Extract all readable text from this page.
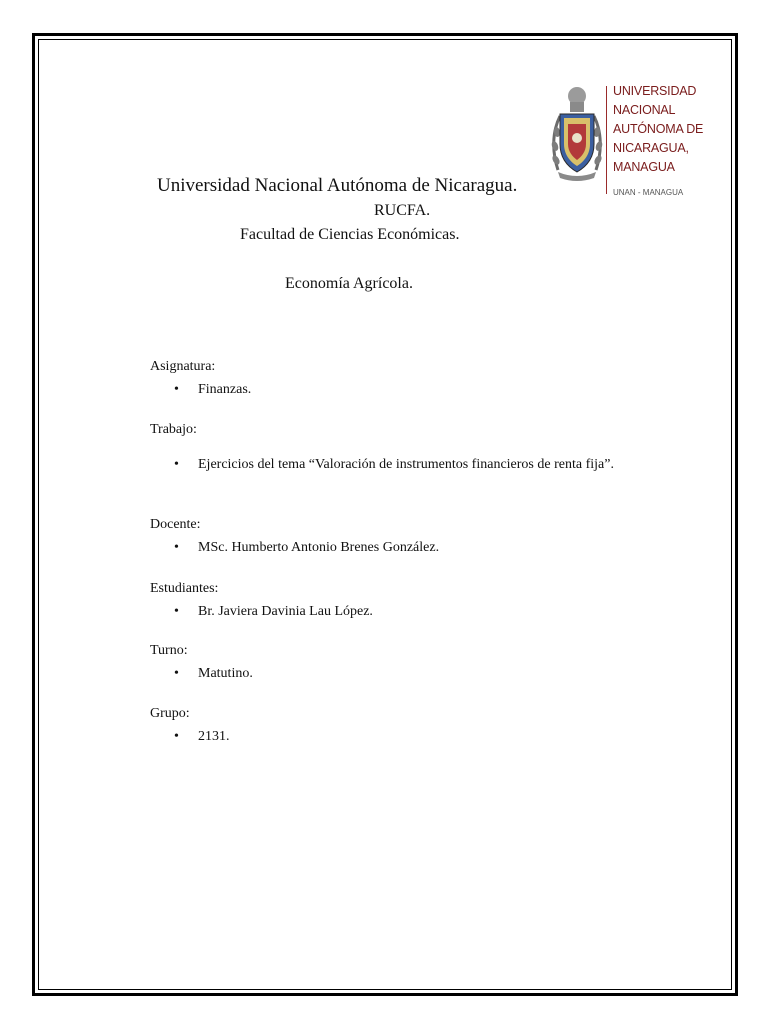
UNIVERSIDAD
NACIONAL
AUTÓNOMA DE
NICARAGUA,
MANAGUA
UNAN - MANAGUA
Universidad Nacional Autónoma de Nicaragua.
RUCFA.
Facultad de Ciencias Económicas.
Economía Agrícola.
Asignatura:
• Finanzas.
Trabajo:
• Ejercicios del tema “Valoración de instrumentos financieros de renta fija”.
Docente:
• MSc. Humberto Antonio Brenes González.
Estudiantes:
• Br. Javiera Davinia Lau López.
Turno:
• Matutino.
Grupo:
• 2131.
